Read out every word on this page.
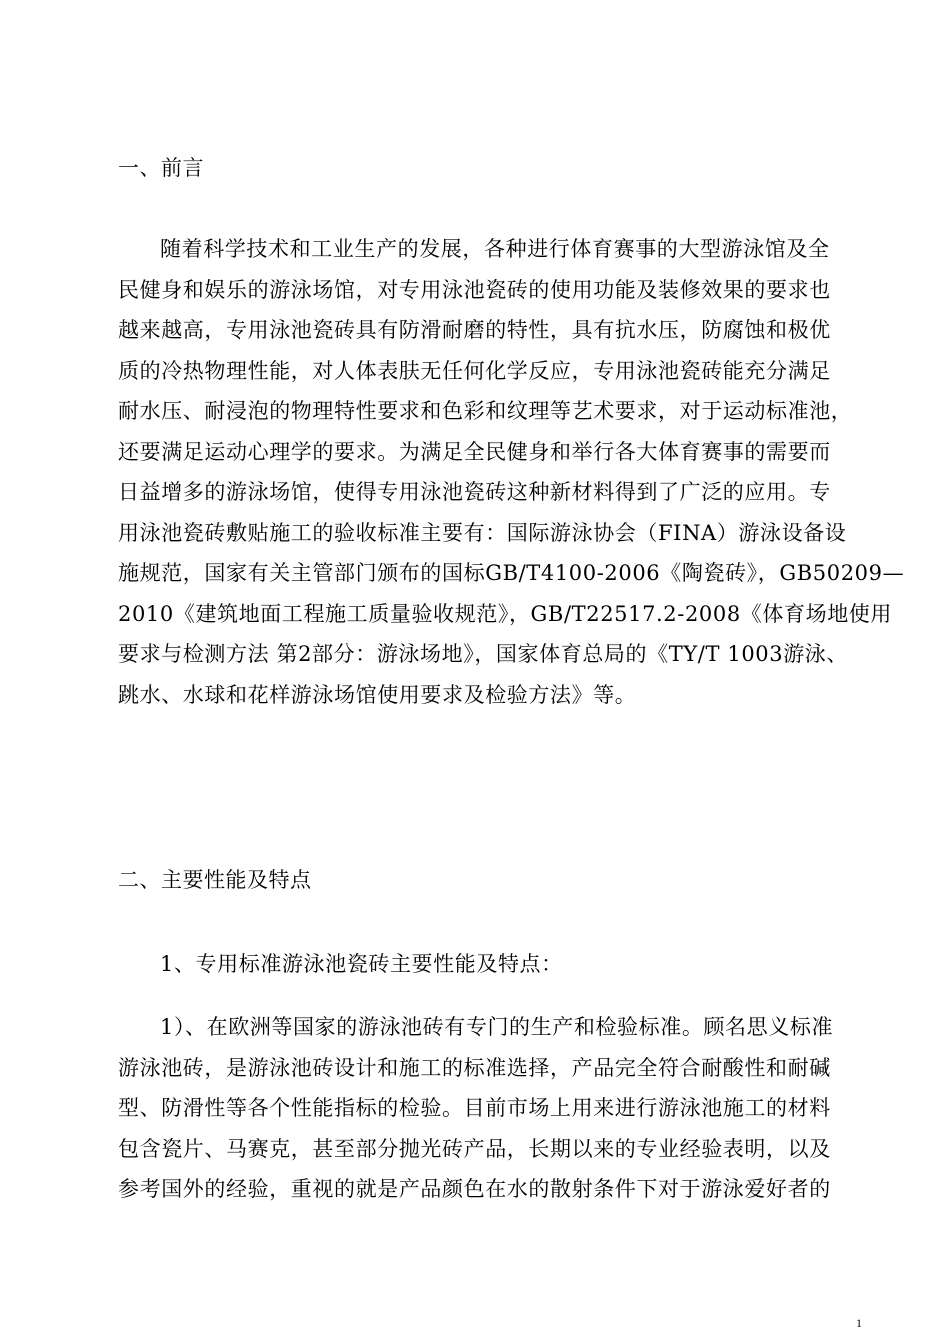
一、前言
随着科学技术和工业生产的发展，各种进行体育赛事的大型游泳馆及全
民健身和娱乐的游泳场馆，对专用泳池瓷砖的使用功能及装修效果的要求也
越来越高，专用泳池瓷砖具有防滑耐磨的特性，具有抗水压，防腐蚀和极优
质的冷热物理性能，对人体表肤无任何化学反应，专用泳池瓷砖能充分满足
耐水压、耐浸泡的物理特性要求和色彩和纹理等艺术要求，对于运动标准池，
还要满足运动心理学的要求。为满足全民健身和举行各大体育赛事的需要而
日益增多的游泳场馆，使得专用泳池瓷砖这种新材料得到了广泛的应用。专
用泳池瓷砖敷贴施工的验收标准主要有：国际游泳协会（FINA）游泳设备设
施规范，国家有关主管部门颁布的国标GB/T4100-2006《陶瓷砖》，GB50209—
2010《建筑地面工程施工质量验收规范》，GB/T22517.2-2008《体育场地使用
要求与检测方法 第2部分：游泳场地》，国家体育总局的《TY/T 1003游泳、
跳水、水球和花样游泳场馆使用要求及检验方法》等。
二、主要性能及特点
1、专用标准游泳池瓷砖主要性能及特点：
1）、在欧洲等国家的游泳池砖有专门的生产和检验标准。顾名思义标准
游泳池砖，是游泳池砖设计和施工的标准选择，产品完全符合耐酸性和耐碱
型、防滑性等各个性能指标的检验。目前市场上用来进行游泳池施工的材料
包含瓷片、马赛克，甚至部分抛光砖产品，长期以来的专业经验表明，以及
参考国外的经验，重视的就是产品颜色在水的散射条件下对于游泳爱好者的
1
